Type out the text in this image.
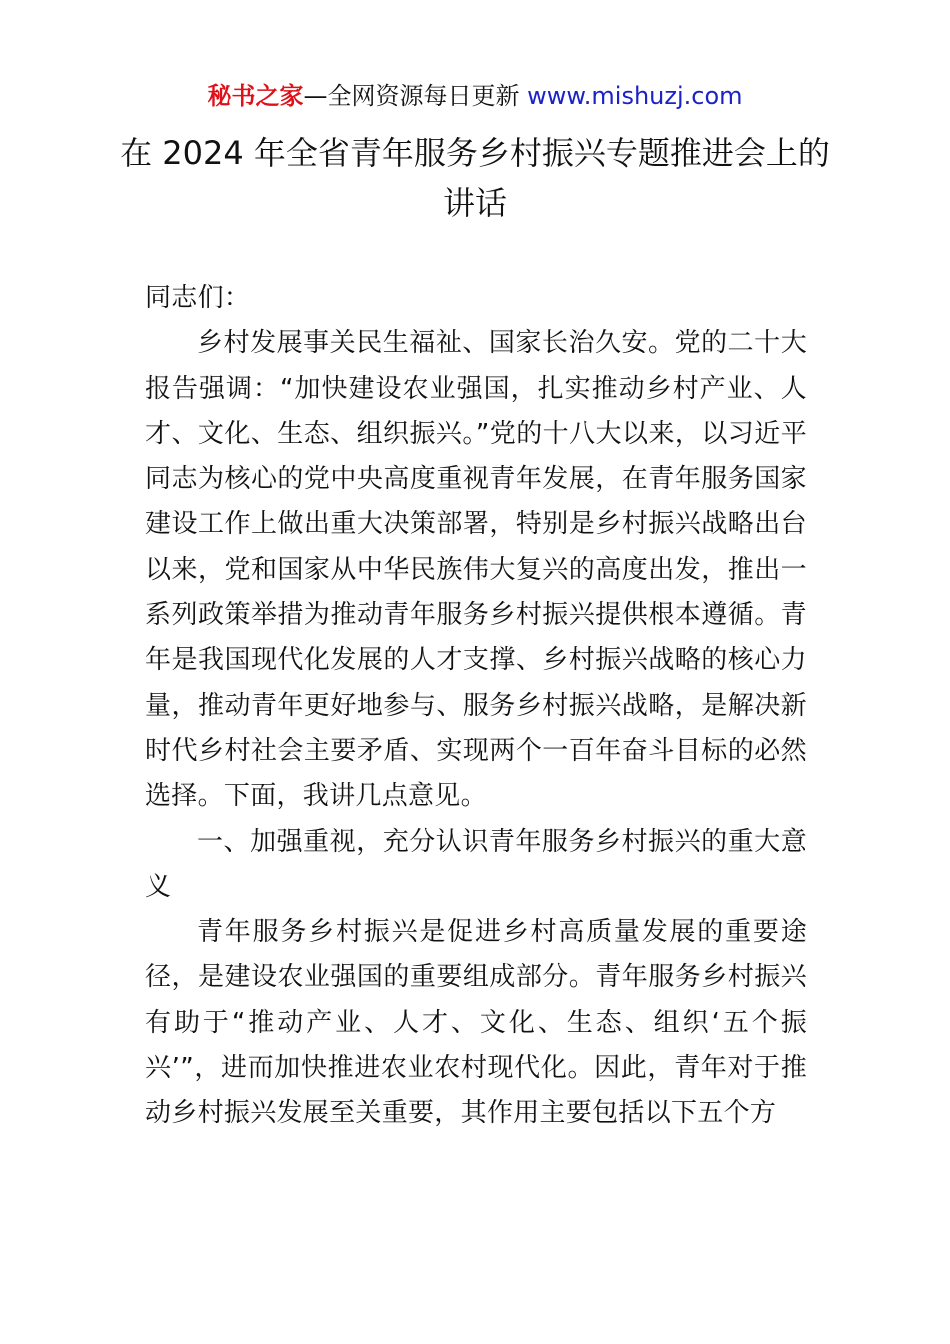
秘书之家—全网资源每日更新 www.mishuzj.com
在 2024 年全省青年服务乡村振兴专题推进会上的讲话

同志们：

乡村发展事关民生福祉、国家长治久安。党的二十大报告强调：“加快建设农业强国，扎实推动乡村产业、人才、文化、生态、组织振兴。”党的十八大以来，以习近平同志为核心的党中央高度重视青年发展，在青年服务国家建设工作上做出重大决策部署，特别是乡村振兴战略出台以来，党和国家从中华民族伟大复兴的高度出发，推出一系列政策举措为推动青年服务乡村振兴提供根本遵循。青年是我国现代化发展的人才支撑、乡村振兴战略的核心力量，推动青年更好地参与、服务乡村振兴战略，是解决新时代乡村社会主要矛盾、实现两个一百年奋斗目标的必然选择。下面，我讲几点意见。

一、加强重视，充分认识青年服务乡村振兴的重大意义

青年服务乡村振兴是促进乡村高质量发展的重要途径，是建设农业强国的重要组成部分。青年服务乡村振兴有助于“推动产业、人才、文化、生态、组织‘五个振兴’”，进而加快推进农业农村现代化。因此，青年对于推动乡村振兴发展至关重要，其作用主要包括以下五个方
